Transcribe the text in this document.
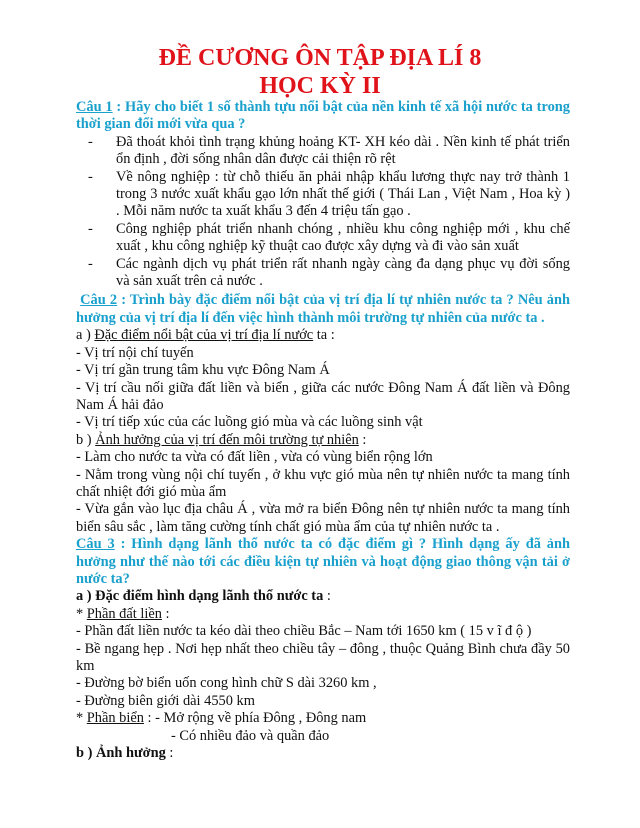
ĐỀ CƯƠNG ÔN TẬP ĐỊA LÍ 8
HỌC KỲ II
Câu 1 : Hãy cho biết 1 số thành tựu nổi bật của nền kinh tế xã hội nước ta trong thời gian đổi mới vừa qua ?
- Đã thoát khỏi tình trạng khủng hoảng KT- XH kéo dài . Nền kinh tế phát triển ổn định , đời sống nhân dân được cải thiện rõ rệt
- Về nông nghiệp : từ chỗ thiếu ăn phải nhập khẩu lương thực nay trở thành 1 trong 3 nước xuất khẩu gạo lớn nhất thế giới ( Thái Lan , Việt Nam , Hoa kỳ ) . Mỗi năm nước ta xuất khẩu 3 đến 4 triệu tấn gạo .
- Công nghiệp phát triển nhanh chóng , nhiều khu công nghiệp mới , khu chế xuất , khu công nghiệp kỹ thuật cao được xây dựng và đi vào sản xuất
- Các ngành dịch vụ phát triển rất nhanh ngày càng đa dạng phục vụ đời sống và sản xuất trên cả nước .
Câu 2 : Trình bày đặc điểm nổi bật của vị trí địa lí tự nhiên nước ta ? Nêu ảnh hưởng của vị trí địa lí đến việc hình thành môi trường tự nhiên của nước ta .
a ) Đặc điểm nổi bật của vị trí địa lí nước ta :
- Vị trí nội chí tuyến
- Vị trí gần trung tâm khu vực Đông Nam Á
- Vị trí cầu nối giữa đất liền và biển , giữa các nước Đông Nam Á đất liền và Đông Nam Á hải đảo
- Vị trí tiếp xúc của các luồng gió mùa và các luồng sinh vật
b ) Ảnh hưởng của vị trí đến môi trường tự nhiên :
- Làm cho nước ta vừa có đất liền , vừa có vùng biển rộng lớn
- Nằm trong vùng nội chí tuyến , ở khu vực gió mùa nên tự nhiên nước ta mang tính chất nhiệt đới gió mùa ẩm
- Vừa gắn vào lục địa châu Á , vừa mở ra biển Đông nên tự nhiên nước ta mang tính biển sâu sắc , làm tăng cường tính chất gió mùa ẩm của tự nhiên nước ta .
Câu 3 : Hình dạng lãnh thổ nước ta có đặc điểm gì ? Hình dạng ấy đã ảnh hưởng như thế nào tới các điều kiện tự nhiên và hoạt động giao thông vận tải ở nước ta?
a ) Đặc điểm hình dạng lãnh thổ nước ta :
* Phần đất liền :
- Phần đất liền nước ta kéo dài theo chiều Bắc – Nam tới 1650 km ( 15 v ĩ đ ộ )
- Bề ngang hẹp . Nơi hẹp nhất theo chiều tây – đông , thuộc Quảng Bình chưa đầy 50 km
- Đường bờ biển uốn cong hình chữ S dài 3260 km ,
- Đường biên giới dài 4550 km
* Phần biển : - Mở rộng về phía Đông , Đông nam
- Có nhiều đảo và quần đảo
b ) Ảnh hưởng :
